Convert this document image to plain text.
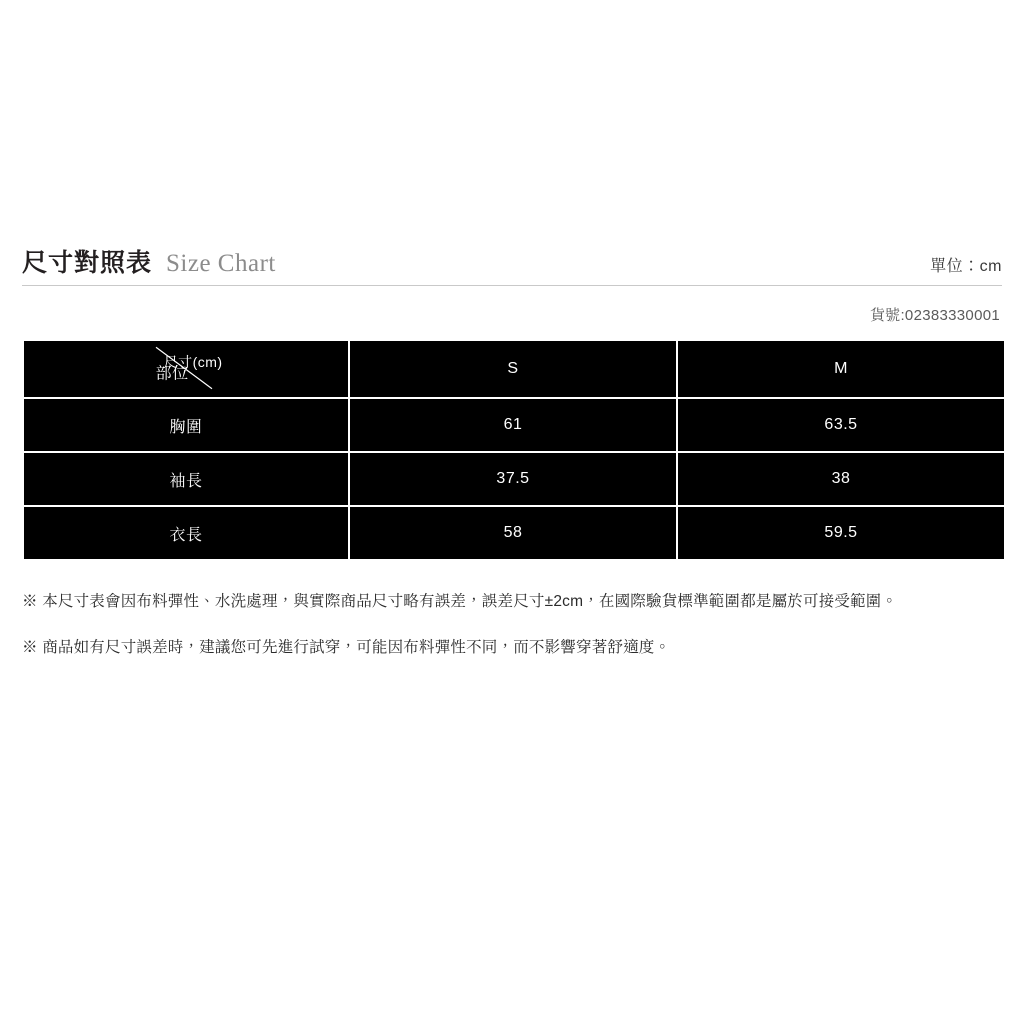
尺寸對照表 Size Chart	單位：cm
貨號:02383330001
尺寸(cm)
部位	S	M
胸圍	61	63.5
袖長	37.5	38
衣長	58	59.5

※ 本尺寸表會因布料彈性、水洗處理，與實際商品尺寸略有誤差，誤差尺寸±2cm，在國際驗貨標準範圍都是屬於可接受範圍。

※ 商品如有尺寸誤差時，建議您可先進行試穿，可能因布料彈性不同，而不影響穿著舒適度。
